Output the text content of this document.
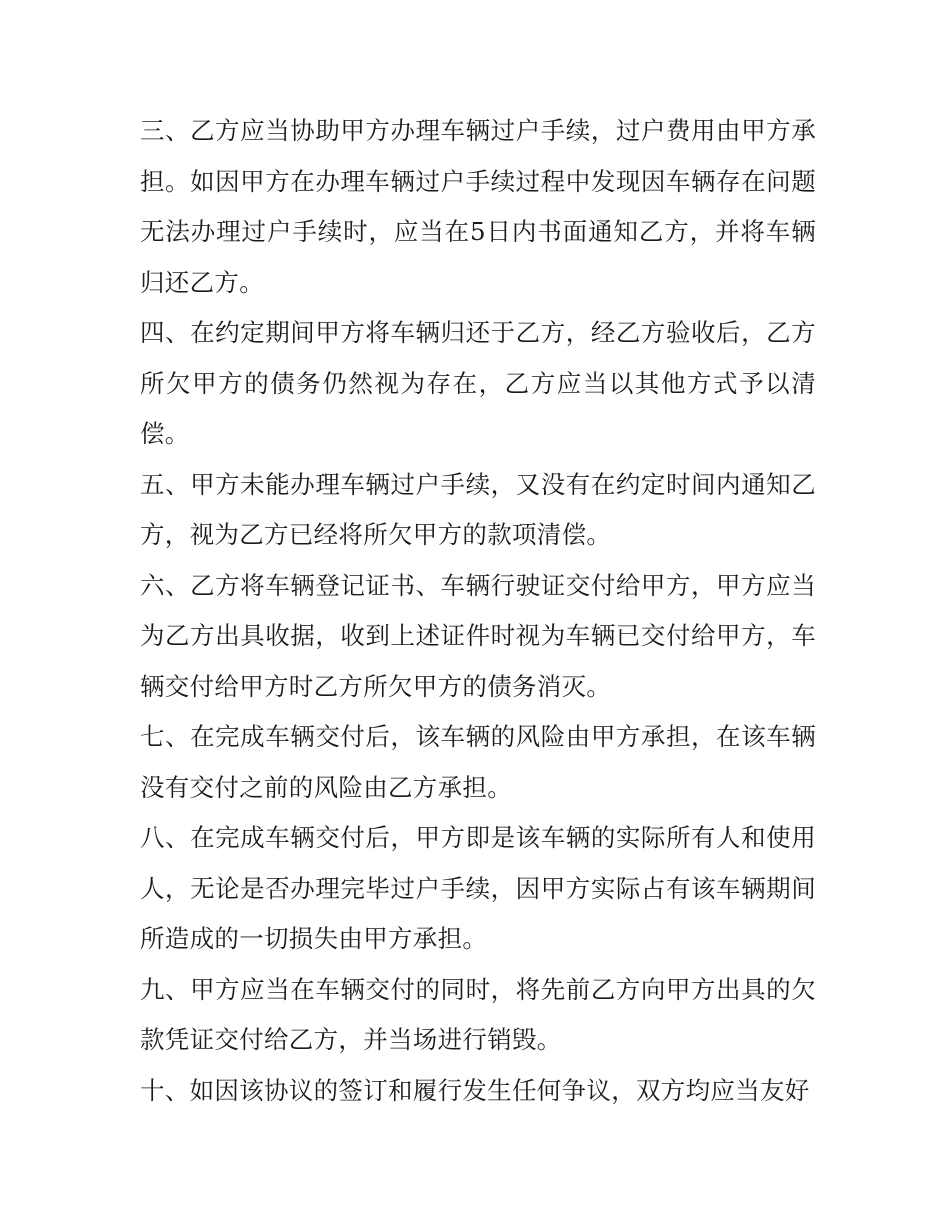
三、乙方应当协助甲方办理车辆过户手续，过户费用由甲方承担。如因甲方在办理车辆过户手续过程中发现因车辆存在问题无法办理过户手续时，应当在5日内书面通知乙方，并将车辆归还乙方。

四、在约定期间甲方将车辆归还于乙方，经乙方验收后，乙方所欠甲方的债务仍然视为存在，乙方应当以其他方式予以清偿。

五、甲方未能办理车辆过户手续，又没有在约定时间内通知乙方，视为乙方已经将所欠甲方的款项清偿。

六、乙方将车辆登记证书、车辆行驶证交付给甲方，甲方应当为乙方出具收据，收到上述证件时视为车辆已交付给甲方，车辆交付给甲方时乙方所欠甲方的债务消灭。

七、在完成车辆交付后，该车辆的风险由甲方承担，在该车辆没有交付之前的风险由乙方承担。

八、在完成车辆交付后，甲方即是该车辆的实际所有人和使用人，无论是否办理完毕过户手续，因甲方实际占有该车辆期间所造成的一切损失由甲方承担。

九、甲方应当在车辆交付的同时，将先前乙方向甲方出具的欠款凭证交付给乙方，并当场进行销毁。

十、如因该协议的签订和履行发生任何争议，双方均应当友好
